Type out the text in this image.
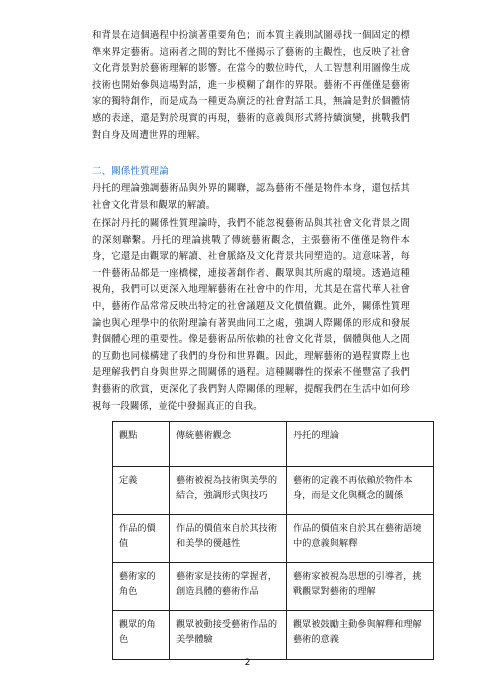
和背景在這個過程中扮演著重要角色；而本質主義則試圖尋找一個固定的標準來界定藝術。這兩者之間的對比不僅揭示了藝術的主觀性，也反映了社會文化背景對於藝術理解的影響。在當今的數位時代，人工智慧利用圖像生成技術也開始參與這場對話，進一步模糊了創作的界限。藝術不再僅僅是藝術家的獨特創作，而是成為一種更為廣泛的社會對話工具，無論是對於個體情感的表達，還是對於現實的再現，藝術的意義與形式將持續演變，挑戰我們對自身及周遭世界的理解。

二、關係性質理論

丹托的理論強調藝術品與外界的關聯，認為藝術不僅是物件本身，還包括其社會文化背景和觀眾的解讀。

在探討丹托的關係性質理論時，我們不能忽視藝術品與其社會文化背景之間的深刻聯繫。丹托的理論挑戰了傳統藝術觀念，主張藝術不僅僅是物件本身，它還是由觀眾的解讀、社會脈絡及文化背景共同塑造的。這意味著，每一件藝術品都是一座橋樑，連接著創作者、觀眾與其所處的環境。透過這種視角，我們可以更深入地理解藝術在社會中的作用，尤其是在當代華人社會中，藝術作品常常反映出特定的社會議題及文化價值觀。此外，關係性質理論也與心理學中的依附理論有著異曲同工之處，強調人際關係的形成和發展對個體心理的重要性。像是藝術品所依賴的社會文化背景，個體與他人之間的互動也同樣構建了我們的身份和世界觀。因此，理解藝術的過程實際上也是理解我們自身與世界之間關係的過程。這種關聯性的探索不僅豐富了我們對藝術的欣賞，更深化了我們對人際關係的理解，提醒我們在生活中如何珍視每一段關係，並從中發掘真正的自我。

觀點	傳統藝術觀念	丹托的理論
定義	藝術被視為技術與美學的結合，強調形式與技巧	藝術的定義不再依賴於物件本身，而是文化與概念的關係
作品的價值	作品的價值來自於其技術和美學的優越性	作品的價值來自於其在藝術語境中的意義與解釋
藝術家的角色	藝術家是技術的掌握者，創造具體的藝術作品	藝術家被視為思想的引導者，挑戰觀眾對藝術的理解
觀眾的角色	觀眾被動接受藝術作品的美學體驗	觀眾被鼓勵主動參與解釋和理解藝術的意義
2
